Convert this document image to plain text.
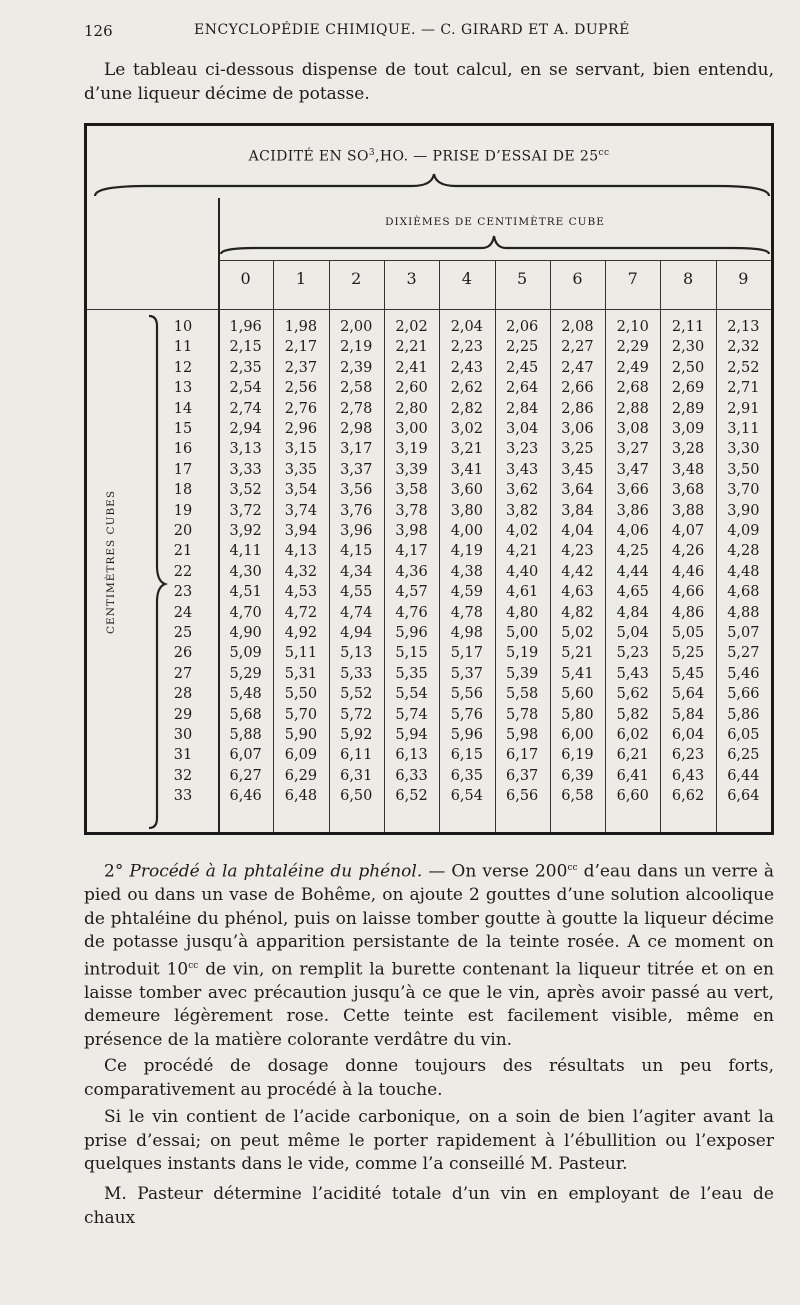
126	ENCYCLOPÉDIE CHIMIQUE. — C. GIRARD ET A. DUPRÉ
Le tableau ci-dessous dispense de tout calcul, en se servant, bien entendu, d’une liqueur décime de potasse.
ACIDITÉ EN $SO^3,HO$. — PRISE D’ESSAI DE $25^{cc}$
DIXIÈMES DE CENTIMÈTRE CUBE
CENTIMÈTRES CUBES
0	1	2	3	4	5	6	7	8	9
10	1,96	1,98	2,00	2,02	2,04	2,06	2,08	2,10	2,11	2,13
11	2,15	2,17	2,19	2,21	2,23	2,25	2,27	2,29	2,30	2,32
12	2,35	2,37	2,39	2,41	2,43	2,45	2,47	2,49	2,50	2,52
13	2,54	2,56	2,58	2,60	2,62	2,64	2,66	2,68	2,69	2,71
14	2,74	2,76	2,78	2,80	2,82	2,84	2,86	2,88	2,89	2,91
15	2,94	2,96	2,98	3,00	3,02	3,04	3,06	3,08	3,09	3,11
16	3,13	3,15	3,17	3,19	3,21	3,23	3,25	3,27	3,28	3,30
17	3,33	3,35	3,37	3,39	3,41	3,43	3,45	3,47	3,48	3,50
18	3,52	3,54	3,56	3,58	3,60	3,62	3,64	3,66	3,68	3,70
19	3,72	3,74	3,76	3,78	3,80	3,82	3,84	3,86	3,88	3,90
20	3,92	3,94	3,96	3,98	4,00	4,02	4,04	4,06	4,07	4,09
21	4,11	4,13	4,15	4,17	4,19	4,21	4,23	4,25	4,26	4,28
22	4,30	4,32	4,34	4,36	4,38	4,40	4,42	4,44	4,46	4,48
23	4,51	4,53	4,55	4,57	4,59	4,61	4,63	4,65	4,66	4,68
24	4,70	4,72	4,74	4,76	4,78	4,80	4,82	4,84	4,86	4,88
25	4,90	4,92	4,94	5,96	4,98	5,00	5,02	5,04	5,05	5,07
26	5,09	5,11	5,13	5,15	5,17	5,19	5,21	5,23	5,25	5,27
27	5,29	5,31	5,33	5,35	5,37	5,39	5,41	5,43	5,45	5,46
28	5,48	5,50	5,52	5,54	5,56	5,58	5,60	5,62	5,64	5,66
29	5,68	5,70	5,72	5,74	5,76	5,78	5,80	5,82	5,84	5,86
30	5,88	5,90	5,92	5,94	5,96	5,98	6,00	6,02	6,04	6,05
31	6,07	6,09	6,11	6,13	6,15	6,17	6,19	6,21	6,23	6,25
32	6,27	6,29	6,31	6,33	6,35	6,37	6,39	6,41	6,43	6,44
33	6,46	6,48	6,50	6,52	6,54	6,56	6,58	6,60	6,62	6,64
2° Procédé à la phtaléine du phénol. — On verse $200^{cc}$ d’eau dans un verre à pied ou dans un vase de Bohême, on ajoute 2 gouttes d’une solution alcoolique de phtaléine du phénol, puis on laisse tomber goutte à goutte la liqueur décime de potasse jusqu’à apparition persistante de la teinte rosée. A ce moment on introduit $10^{cc}$ de vin, on remplit la burette contenant la liqueur titrée et on en laisse tomber avec précaution jusqu’à ce que le vin, après avoir passé au vert, demeure légèrement rose. Cette teinte est facilement visible, même en présence de la matière colorante verdâtre du vin.
Ce procédé de dosage donne toujours des résultats un peu forts, comparativement au procédé à la touche.
Si le vin contient de l’acide carbonique, on a soin de bien l’agiter avant la prise d’essai; on peut même le porter rapidement à l’ébullition ou l’exposer quelques instants dans le vide, comme l’a conseillé M. Pasteur.
M. Pasteur détermine l’acidité totale d’un vin en employant de l’eau de chaux
